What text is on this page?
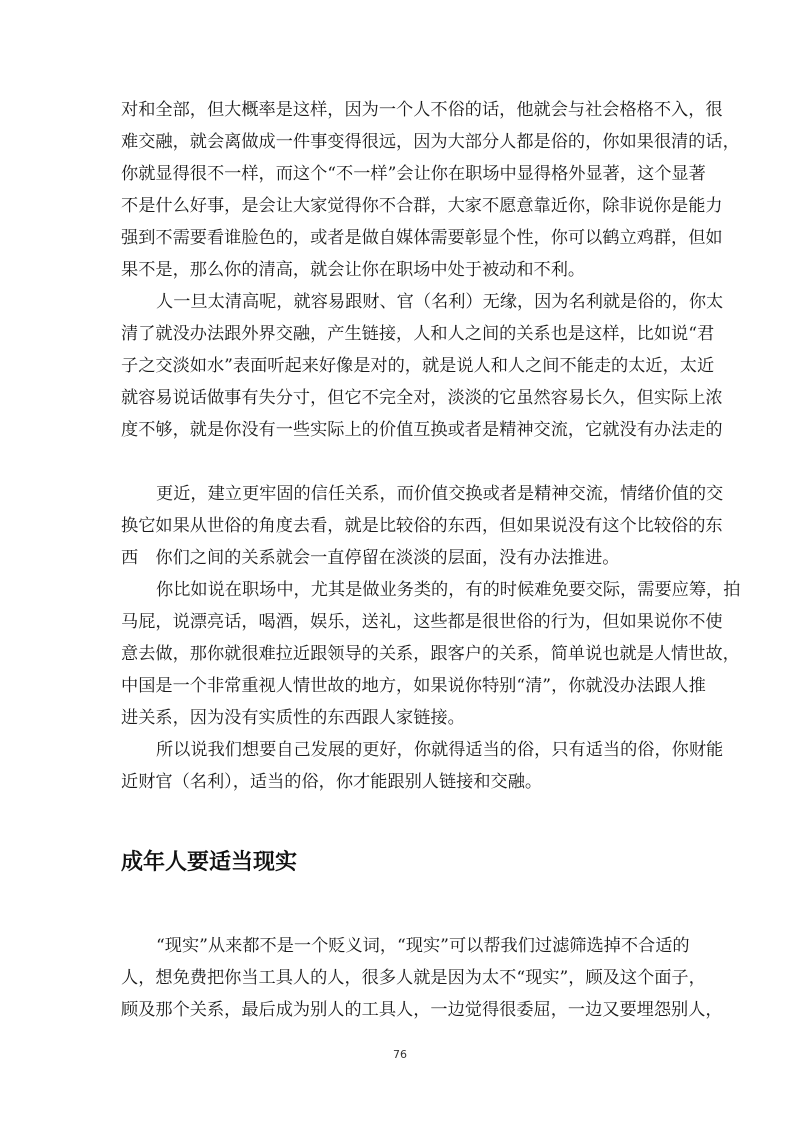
对和全部，但大概率是这样，因为一个人不俗的话，他就会与社会格格不入，很
难交融，就会离做成一件事变得很远，因为大部分人都是俗的，你如果很清的话，
你就显得很不一样，而这个“不一样”会让你在职场中显得格外显著，这个显著
不是什么好事，是会让大家觉得你不合群，大家不愿意靠近你，除非说你是能力
强到不需要看谁脸色的，或者是做自媒体需要彰显个性，你可以鹤立鸡群，但如
果不是，那么你的清高，就会让你在职场中处于被动和不利。
人一旦太清高呢，就容易跟财、官（名利）无缘，因为名利就是俗的，你太
清了就没办法跟外界交融，产生链接，人和人之间的关系也是这样，比如说“君
子之交淡如水”表面听起来好像是对的，就是说人和人之间不能走的太近，太近
就容易说话做事有失分寸，但它不完全对，淡淡的它虽然容易长久，但实际上浓
度不够，就是你没有一些实际上的价值互换或者是精神交流，它就没有办法走的
更近，建立更牢固的信任关系，而价值交换或者是精神交流，情绪价值的交
换它如果从世俗的角度去看，就是比较俗的东西，但如果说没有这个比较俗的东
西　你们之间的关系就会一直停留在淡淡的层面，没有办法推进。
你比如说在职场中，尤其是做业务类的，有的时候难免要交际，需要应筹，拍
马屁，说漂亮话，喝酒，娱乐，送礼，这些都是很世俗的行为，但如果说你不使
意去做，那你就很难拉近跟领导的关系，跟客户的关系，简单说也就是人情世故，
中国是一个非常重视人情世故的地方，如果说你特别“清”，你就没办法跟人推
进关系，因为没有实质性的东西跟人家链接。
所以说我们想要自己发展的更好，你就得适当的俗，只有适当的俗，你财能
近财官（名利），适当的俗，你才能跟别人链接和交融。
成年人要适当现实
“现实”从来都不是一个贬义词，“现实”可以帮我们过滤筛选掉不合适的
人，想免费把你当工具人的人，很多人就是因为太不“现实”，顾及这个面子，
顾及那个关系，最后成为别人的工具人，一边觉得很委屈，一边又要埋怨别人，
76
